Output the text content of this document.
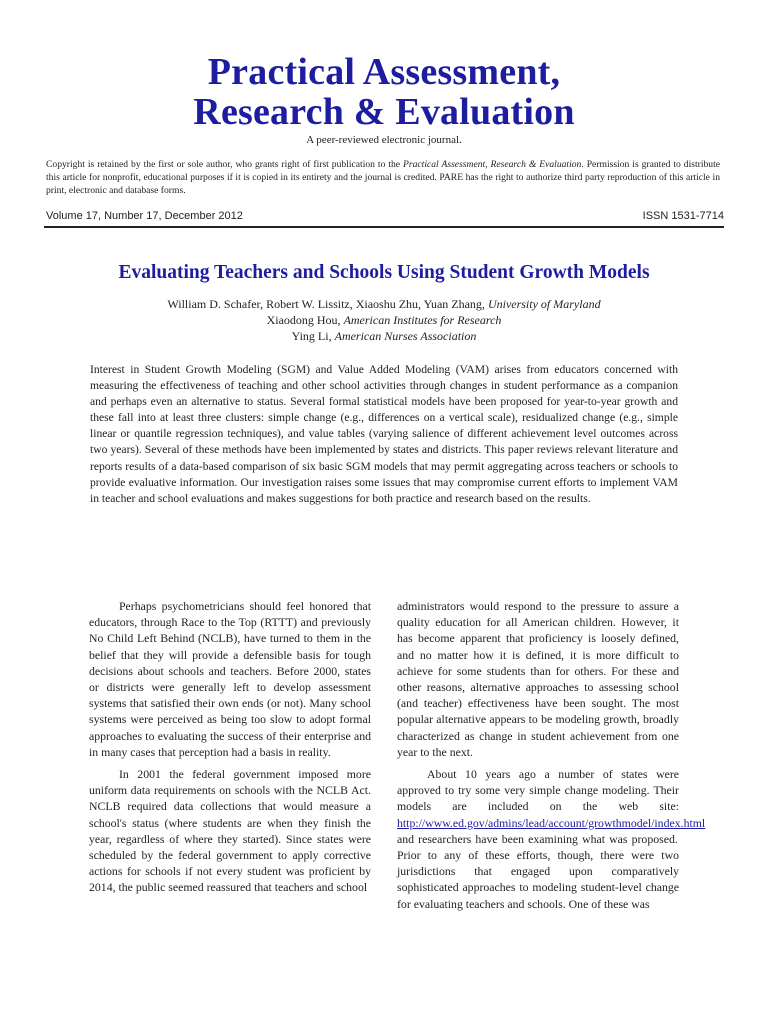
Practical Assessment,
Research & Evaluation
A peer-reviewed electronic journal.
Copyright is retained by the first or sole author, who grants right of first publication to the Practical Assessment, Research & Evaluation. Permission is granted to distribute this article for nonprofit, educational purposes if it is copied in its entirety and the journal is credited. PARE has the right to authorize third party reproduction of this article in print, electronic and database forms.
Volume 17, Number 17, December 2012	ISSN 1531-7714
Evaluating Teachers and Schools Using Student Growth Models
William D. Schafer, Robert W. Lissitz, Xiaoshu Zhu, Yuan Zhang, University of Maryland
Xiaodong Hou, American Institutes for Research
Ying Li, American Nurses Association
Interest in Student Growth Modeling (SGM) and Value Added Modeling (VAM) arises from educators concerned with measuring the effectiveness of teaching and other school activities through changes in student performance as a companion and perhaps even an alternative to status. Several formal statistical models have been proposed for year-to-year growth and these fall into at least three clusters: simple change (e.g., differences on a vertical scale), residualized change (e.g., simple linear or quantile regression techniques), and value tables (varying salience of different achievement level outcomes across two years). Several of these methods have been implemented by states and districts. This paper reviews relevant literature and reports results of a data-based comparison of six basic SGM models that may permit aggregating across teachers or schools to provide evaluative information. Our investigation raises some issues that may compromise current efforts to implement VAM in teacher and school evaluations and makes suggestions for both practice and research based on the results.

Perhaps psychometricians should feel honored that educators, through Race to the Top (RTTT) and previously No Child Left Behind (NCLB), have turned to them in the belief that they will provide a defensible basis for tough decisions about schools and teachers. Before 2000, states or districts were generally left to develop assessment systems that satisfied their own ends (or not). Many school systems were perceived as being too slow to adopt formal approaches to evaluating the success of their enterprise and in many cases that perception had a basis in reality.

In 2001 the federal government imposed more uniform data requirements on schools with the NCLB Act. NCLB required data collections that would measure a school's status (where students are when they finish the year, regardless of where they started). Since states were scheduled by the federal government to apply corrective actions for schools if not every student was proficient by 2014, the public seemed reassured that teachers and school

administrators would respond to the pressure to assure a quality education for all American children. However, it has become apparent that proficiency is loosely defined, and no matter how it is defined, it is more difficult to achieve for some students than for others. For these and other reasons, alternative approaches to assessing school (and teacher) effectiveness have been sought. The most popular alternative appears to be modeling growth, broadly characterized as change in student achievement from one year to the next.

About 10 years ago a number of states were approved to try some very simple change modeling. Their models are included on the web site: http://www.ed.gov/admins/lead/account/growthmodel/index.html and researchers have been examining what was proposed. Prior to any of these efforts, though, there were two jurisdictions that engaged upon comparatively sophisticated approaches to modeling student-level change for evaluating teachers and schools. One of these was
